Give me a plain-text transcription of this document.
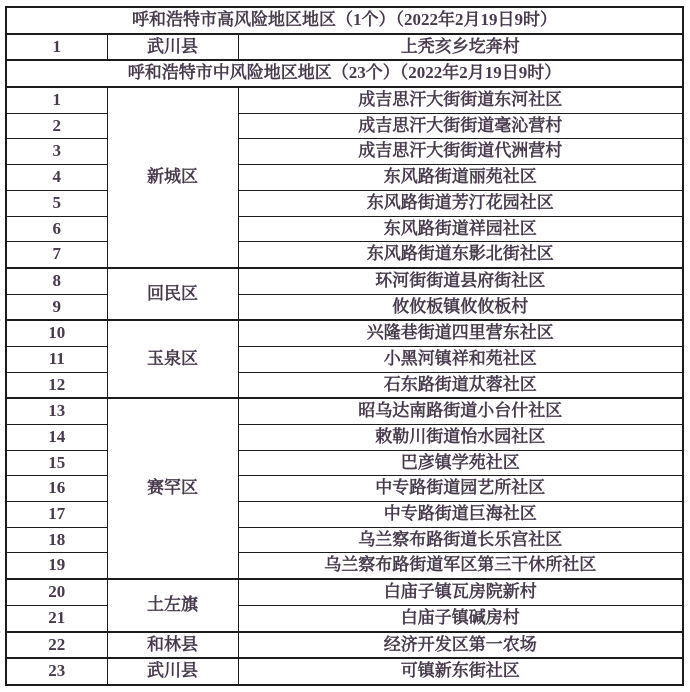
呼和浩特市高风险地区地区（1个）（2022年2月19日9时）		
1	武川县	上秃亥乡圪奔村
呼和浩特市中风险地区地区（23个）（2022年2月19日9时）		
1	新城区	成吉思汗大街街道东河社区
2		成吉思汗大街街道毫沁营村
3		成吉思汗大街街道代洲营村
4		东风路街道丽苑社区
5		东风路街道芳汀花园社区
6		东风路街道祥园社区
7		东风路街道东影北街社区
8	回民区	环河街街道县府街社区
9		攸攸板镇攸攸板村
10	玉泉区	兴隆巷街道四里营东社区
11		小黑河镇祥和苑社区
12		石东路街道苁蓉社区
13	赛罕区	昭乌达南路街道小台什社区
14		敕勒川街道怡水园社区
15		巴彦镇学苑社区
16		中专路街道园艺所社区
17		中专路街道巨海社区
18		乌兰察布路街道长乐宫社区
19		乌兰察布路街道军区第三干休所社区
20	土左旗	白庙子镇瓦房院新村
21		白庙子镇碱房村
22	和林县	经济开发区第一农场
23	武川县	可镇新东街社区
